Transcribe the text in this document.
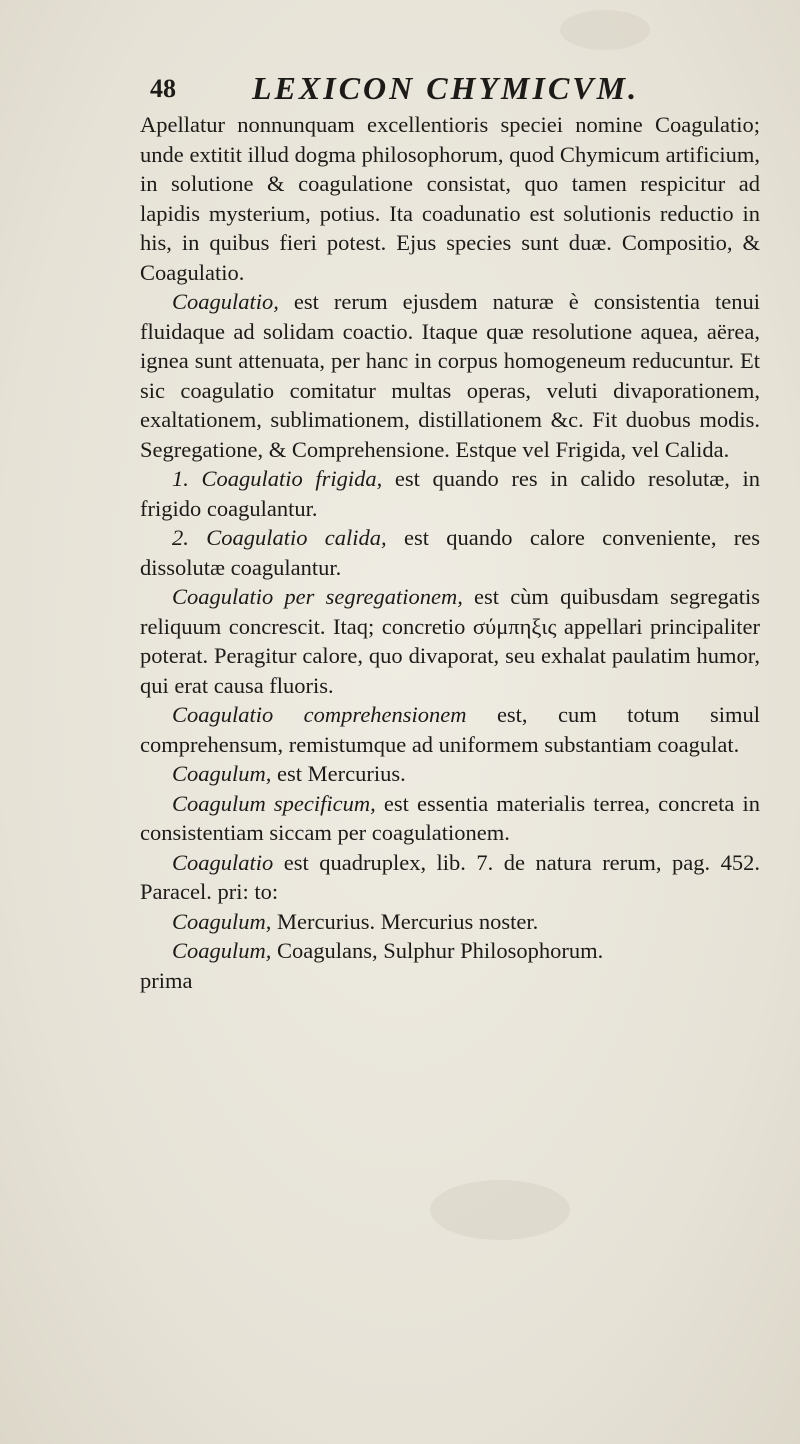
48 LEXICON CHYMICVM.

Apellatur nonnunquam excellentioris speciei nomine Coagulatio; unde extitit illud dogma philosophorum, quod Chymicum artificium, in solutione & coagulatione consistat, quo tamen respicitur ad lapidis mysterium, potius. Ita coadunatio est solutionis reductio in his, in quibus fieri potest. Ejus species sunt duæ. Compositio, & Coagulatio.

Coagulatio, est rerum ejusdem naturæ è consistentia tenui fluidaque ad solidam coactio. Itaque quæ resolutione aquea, aërea, ignea sunt attenuata, per hanc in corpus homogeneum reducuntur. Et sic coagulatio comitatur multas operas, veluti divaporationem, exaltationem, sublimationem, distillationem &c. Fit duobus modis. Segregatione, & Comprehensione. Estque vel Frigida, vel Calida.

1. Coagulatio frigida, est quando res in calido resolutæ, in frigido coagulantur.

2. Coagulatio calida, est quando calore conveniente, res dissolutæ coagulantur.

Coagulatio per segregationem, est cùm quibusdam segregatis reliquum concrescit. Itaq; concretio σύμπηξις appellari principaliter poterat. Peragitur calore, quo divaporat, seu exhalat paulatim humor, qui erat causa fluoris.

Coagulatio comprehensionem est, cum totum simul comprehensum, remistumque ad uniformem substantiam coagulat.

Coagulum, est Mercurius.

Coagulum specificum, est essentia materialis terrea, concreta in consistentiam siccam per coagulationem.

Coagulatio est quadruplex, lib. 7. de natura rerum, pag. 452. Paracel. pri: to:

Coagulum, Mercurius. Mercurius noster.

Coagulum, Coagulans, Sulphur Philosophorum.

prima
